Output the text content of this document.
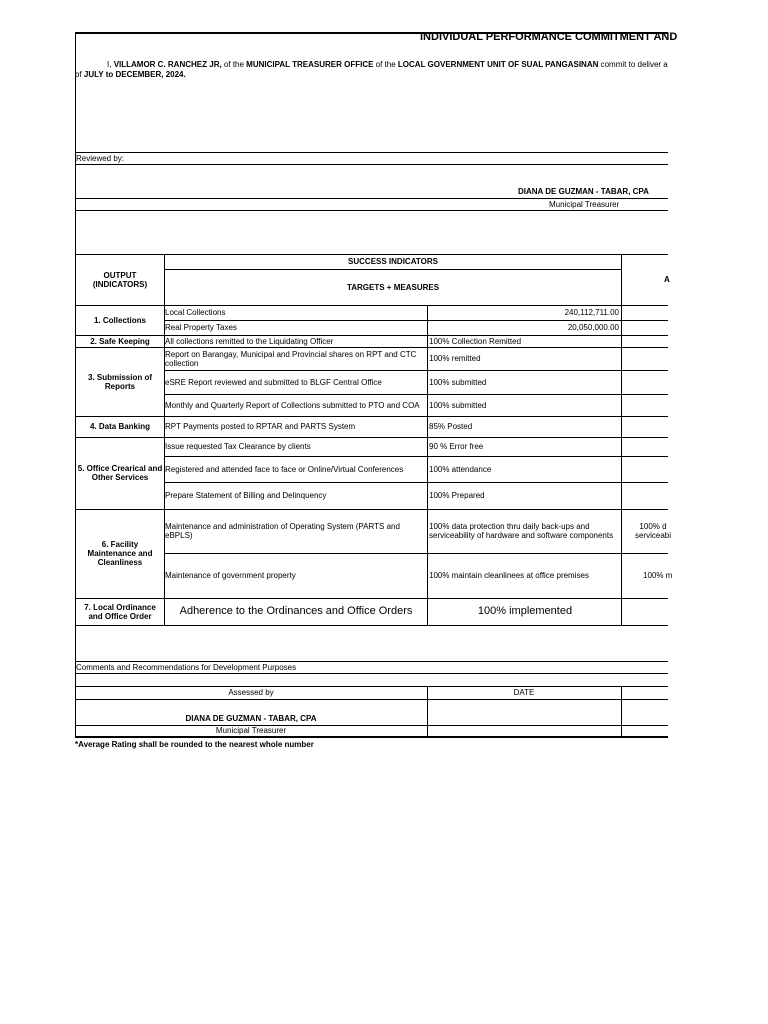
INDIVIDUAL PERFORMANCE COMMITMENT AND
I, VILLAMOR C. RANCHEZ JR, of the MUNICIPAL TREASURER OFFICE of the LOCAL GOVERNMENT UNIT OF SUAL PANGASINAN commit to deliver a
of JULY to DECEMBER, 2024.
Reviewed by:
DIANA DE GUZMAN - TABAR, CPA
Municipal Treasurer
OUTPUT (INDICATORS)
SUCCESS INDICATORS
TARGETS + MEASURES
A
1. Collections
2. Safe Keeping
3. Submission of Reports
4. Data Banking
5. Office Crearical and Other Services
6. Facility Maintenance and Cleanliness
7. Local Ordinance and Office Order
Local Collections
Real Property Taxes
All collections remitted to the Liquidating Officer
Report on Barangay, Municipal and Provincial shares on RPT and CTC collection
eSRE Report reviewed and submitted to BLGF Central Office
Monthly and Quarterly Report of Collections submitted to PTO and COA
RPT Payments posted to RPTAR and PARTS System
Issue requested Tax Clearance by clients
Registered and attended face to face or Online/Virtual Conferences
Prepare Statement of Billing and Delinquency
Maintenance and administration of Operating System (PARTS and eBPLS)
Maintenance of government property
Adherence to the Ordinances and Office Orders
240,112,711.00
20,050,000.00
100% Collection Remitted
100% remitted
100% submitted
100% submitted
85% Posted
90 % Error free
100% attendance
100% Prepared
100% data protection thru daily back-ups and serviceability of hardware and software components
100% maintain cleanlinees at office premises
100% implemented
100% d serviceabi
100% m
Comments and Recommendations for Development Purposes
Assessed by	DATE
DIANA DE GUZMAN - TABAR, CPA
Municipal Treasurer
*Average Rating shall be rounded to the nearest whole number
